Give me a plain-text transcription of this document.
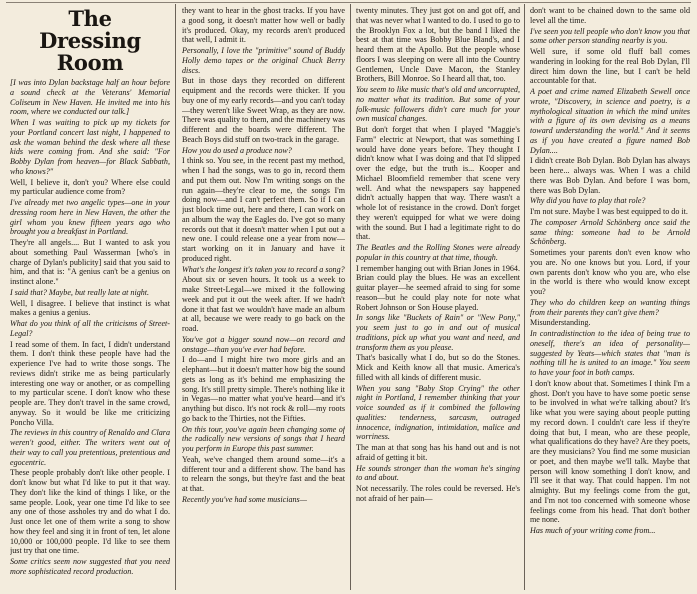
The
Dressing Room

[I was into Dylan backstage half an hour before a sound check at the Veterans' Memorial Coliseum in New Haven. He invited me into his room, where we conducted our talk.]

When I was waiting to pick up my tickets for your Portland concert last night, I happened to ask the woman behind the desk where all these kids were coming from. And she said: "For Bobby Dylan from heaven—for Black Sabbath, who knows?"

Well, I believe it, don't you? Where else could my particular audience come from?

I've already met two angelic types—one in your dressing room here in New Haven, the other the girl whom you knew fifteen years ago who brought you a breakfast in Portland.

They're all angels.... But I wanted to ask you about something Paul Wasserman [who's in charge of Dylan's publicity] said that you said to him, and that is: "A genius can't be a genius on instinct alone."

I said that? Maybe, but really late at night.

Well, I disagree. I believe that instinct is what makes a genius a genius.

What do you think of all the criticisms of Street-Legal?

I read some of them. In fact, I didn't understand them. I don't think these people have had the experience I've had to write those songs. The reviews didn't strike me as being particularly interesting one way or another, or as compelling to my particular scene. I don't know who these people are. They don't travel in the same crowd, anyway. So it would be like me criticizing Poncho Villa.

The reviews in this country of Renaldo and Clara weren't good, either. The writers went out of their way to call you pretentious, pretentious and egocentric.

These people probably don't like other people. I don't know but what I'd like to put it that way. They don't like the kind of things I like, or the same people. Look, year one time I'd like to see any one of those assholes try and do what I do. Just once let one of them write a song to show how they feel and sing it in front of ten, let alone 10,000 or 100,000 people. I'd like to see them just try that one time.

Some critics seem now suggested that you need more sophisticated record production.

they want to hear in the ghost tracks. If you have a good song, it doesn't matter how well or badly it's produced. Okay, my records aren't produced that well, I admit it.

Personally, I love the "primitive" sound of Buddy Holly demo tapes or the original Chuck Berry discs.

But in those days they recorded on different equipment and the records were thicker. If you buy one of my early records—and you can't today—they weren't like Sweet Wrap, as they are now. There was quality to them, and the machinery was different and the boards were different. The Beach Boys did stuff on two-track in the garage.

How you do used a produce now?

I think so. You see, in the recent past my method, when I had the songs, was to go in, record them and put them out. Now I'm writing songs on the run again—they're clear to me, the songs I'm doing now—and I can't perfect them. So if I can just block time out, here and there, I can work on an album the way the Eagles do. I've got so many records out that it doesn't matter when I put out a new one. I could release one a year from now—start working on it in January and have it produced right.

What's the longest it's taken you to record a song?

About six or seven hours. It took us a week to make Street-Legal—we mixed it the following week and put it out the week after. If we hadn't done it that fast we wouldn't have made an album at all, because we were ready to go back on the road.

You've got a bigger sound now—on record and onstage—than you've ever had before.

I do—and I might hire two more girls and an elephant—but it doesn't matter how big the sound gets as long as it's behind me emphasizing the song. It's still pretty simple. There's nothing like it in Vegas—no matter what you've heard—and it's anything but disco. It's not rock & roll—my roots go back to the Thirties, not the Fifties.

On this tour, you've again been changing some of the radically new versions of songs that I heard you perform in Europe this past summer.

Yeah, we've changed them around some—it's a different tour and a different show. The band has to relearn the songs, but they're fast and the beat at that.

Recently you've had some musicians—

twenty minutes. They just got on and got off, and that was never what I wanted to do. I used to go to the Brooklyn Fox a lot, but the band I liked the best at that time was Bobby Blue Bland's, and I heard them at the Apollo. But the people whose floors I was sleeping on were all into the Country Gentlemen, Uncle Dave Macon, the Stanley Brothers, Bill Monroe. So I heard all that, too.

You seem to like music that's old and uncorrupted, no matter what its tradition. But some of your folk-music followers didn't care much for your own musical changes.

But don't forget that when I played "Maggie's Farm" electric at Newport, that was something I would have done years before. They thought I didn't know what I was doing and that I'd slipped over the edge, but the truth is... Kooper and Michael Bloomfield remember that scene very well. And what the newspapers say happened didn't actually happen that way. There wasn't a whole lot of resistance in the crowd. Don't forget they weren't equipped for what we were doing with the sound. But I had a legitimate right to do that.

The Beatles and the Rolling Stones were already popular in this country at that time, though.

I remember hanging out with Brian Jones in 1964. Brian could play the blues. He was an excellent guitar player—he seemed afraid to sing for some reason—but he could play note for note what Robert Johnson or Son House played.

In songs like "Buckets of Rain" or "New Pony," you seem just to go in and out of musical traditions, pick up what you want and need, and transform them as you please.

That's basically what I do, but so do the Stones. Mick and Keith know all that music. America's filled with all kinds of different music.

When you sang "Baby Stop Crying" the other night in Portland, I remember thinking that your voice sounded as if it combined the following qualities: tenderness, sarcasm, outraged innocence, indignation, intimidation, malice and worriness.

The man at that song has his hand out and is not afraid of getting it bit.

He sounds stronger than the woman he's singing to and about.

Not necessarily. The roles could be reversed. He's not afraid of her pain—

don't want to be chained down to the same old level all the time.

I've seen you tell people who don't know you that some other person standing nearby is you.

Well sure, if some old fluff ball comes wandering in looking for the real Bob Dylan, I'll direct him down the line, but I can't be held accountable for that.

A poet and crime named Elizabeth Sewell once wrote, "Discovery, in science and poetry, is a mythological situation in which the mind unites with a figure of its own devising as a means toward understanding the world." And it seems as if you have created a figure named Bob Dylan....

I didn't create Bob Dylan. Bob Dylan has always been here... always was. When I was a child there was Bob Dylan. And before I was born, there was Bob Dylan.

Why did you have to play that role?

I'm not sure. Maybe I was best equipped to do it.

The composer Arnold Schönberg once said the same thing: someone had to be Arnold Schönberg.

Sometimes your parents don't even know who you are. No one knows but you. Lord, if your own parents don't know who you are, who else in the world is there who would know except you?

They who do children keep on wanting things from their parents they can't give them?

Misunderstanding.

In contradistinction to the idea of being true to oneself, there's an idea of personality—suggested by Yeats—which states that "man is nothing till he is united to an image." You seem to have your foot in both camps.

I don't know about that. Sometimes I think I'm a ghost. Don't you have to have some poetic sense to be involved in what we're talking about? It's like what you were saying about people putting my record down. I couldn't care less if they're doing that but, I mean, who are these people, what qualifications do they have? Are they poets, are they musicians? You find me some musician or poet, and then maybe we'll talk. Maybe that person will know something I don't know, and I'll see it that way. That could happen. I'm not almighty. But my feelings come from the gut, and I'm not too concerned with someone whose feelings come from his head. That don't bother me none.

Has much of your writing come from...
